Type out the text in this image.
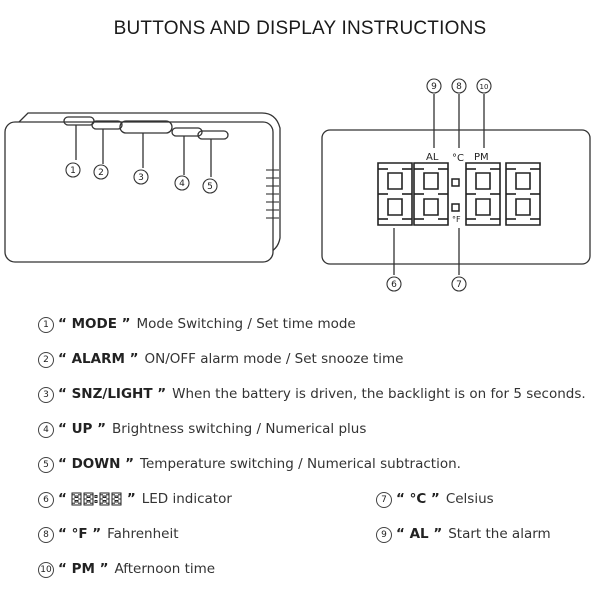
BUTTONS AND DISPLAY INSTRUCTIONS
AL °C PM
°F
1 2	3
4 5
6	7
8
9	10
1 “ MODE ” Mode Switching / Set time mode
2 “ ALARM ” ON/OFF alarm mode / Set snooze time
3 “ SNZ/LIGHT ” When the battery is driven, the backlight is on for 5 seconds.
4 “ UP ” Brightness switching / Numerical plus
5 “ DOWN ” Temperature switching / Numerical subtraction.
6 “	” LED indicator	7 “ °C ” Celsius
8 “ °F ” Fahrenheit	9 “ AL ” Start the alarm
10 “ PM ” Afternoon time
